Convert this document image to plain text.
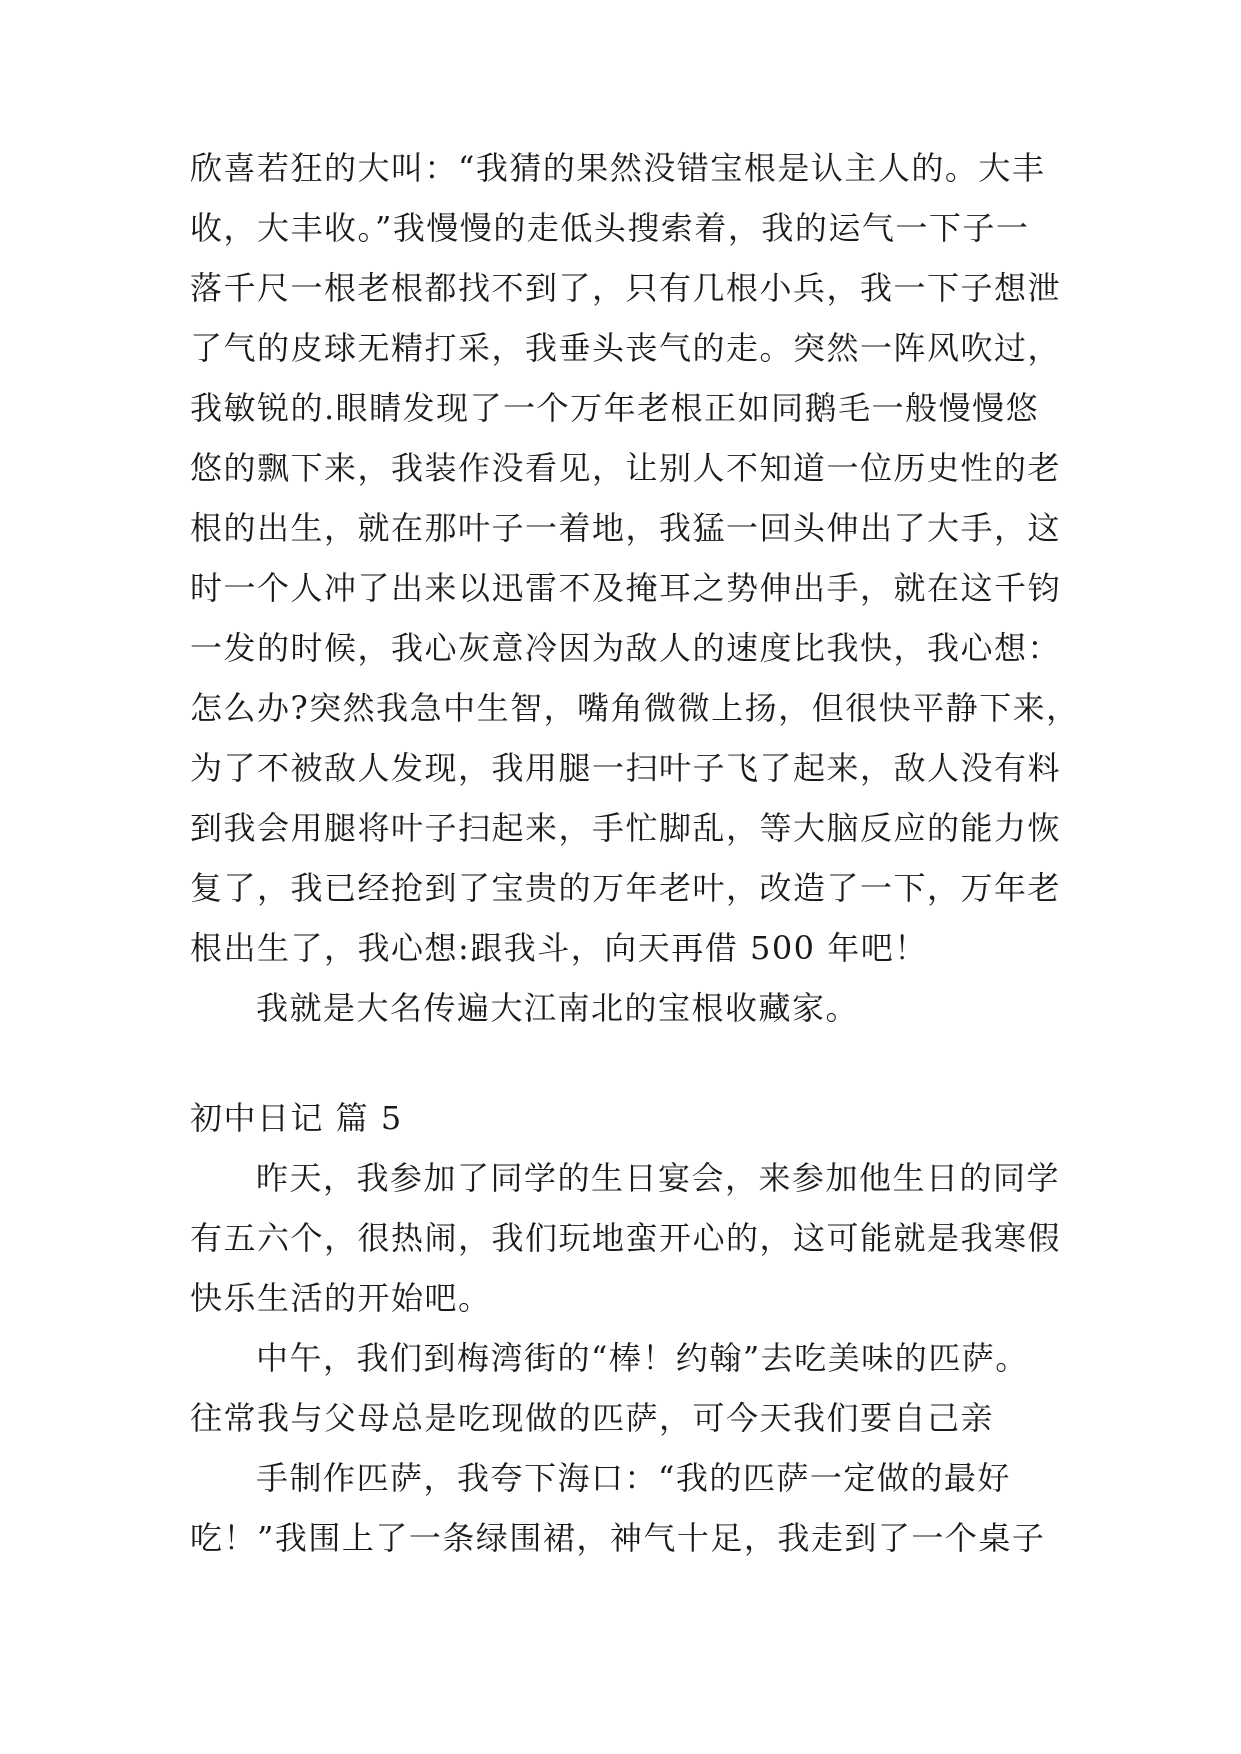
欣喜若狂的大叫：“我猜的果然没错宝根是认主人的。大丰
收，大丰收。”我慢慢的走低头搜索着，我的运气一下子一
落千尺一根老根都找不到了，只有几根小兵，我一下子想泄
了气的皮球无精打采，我垂头丧气的走。突然一阵风吹过，
我敏锐的.眼睛发现了一个万年老根正如同鹅毛一般慢慢悠
悠的飘下来，我装作没看见，让别人不知道一位历史性的老
根的出生，就在那叶子一着地，我猛一回头伸出了大手，这
时一个人冲了出来以迅雷不及掩耳之势伸出手，就在这千钧
一发的时候，我心灰意冷因为敌人的速度比我快，我心想：
怎么办?突然我急中生智，嘴角微微上扬，但很快平静下来，
为了不被敌人发现，我用腿一扫叶子飞了起来，敌人没有料
到我会用腿将叶子扫起来，手忙脚乱，等大脑反应的能力恢
复了，我已经抢到了宝贵的万年老叶，改造了一下，万年老
根出生了，我心想:跟我斗，向天再借 500 年吧！
我就是大名传遍大江南北的宝根收藏家。
初中日记 篇 5
昨天，我参加了同学的生日宴会，来参加他生日的同学
有五六个，很热闹，我们玩地蛮开心的，这可能就是我寒假
快乐生活的开始吧。
中午，我们到梅湾街的“棒！约翰”去吃美味的匹萨。
往常我与父母总是吃现做的匹萨，可今天我们要自己亲
手制作匹萨，我夸下海口：“我的匹萨一定做的最好
吃！”我围上了一条绿围裙，神气十足，我走到了一个桌子
